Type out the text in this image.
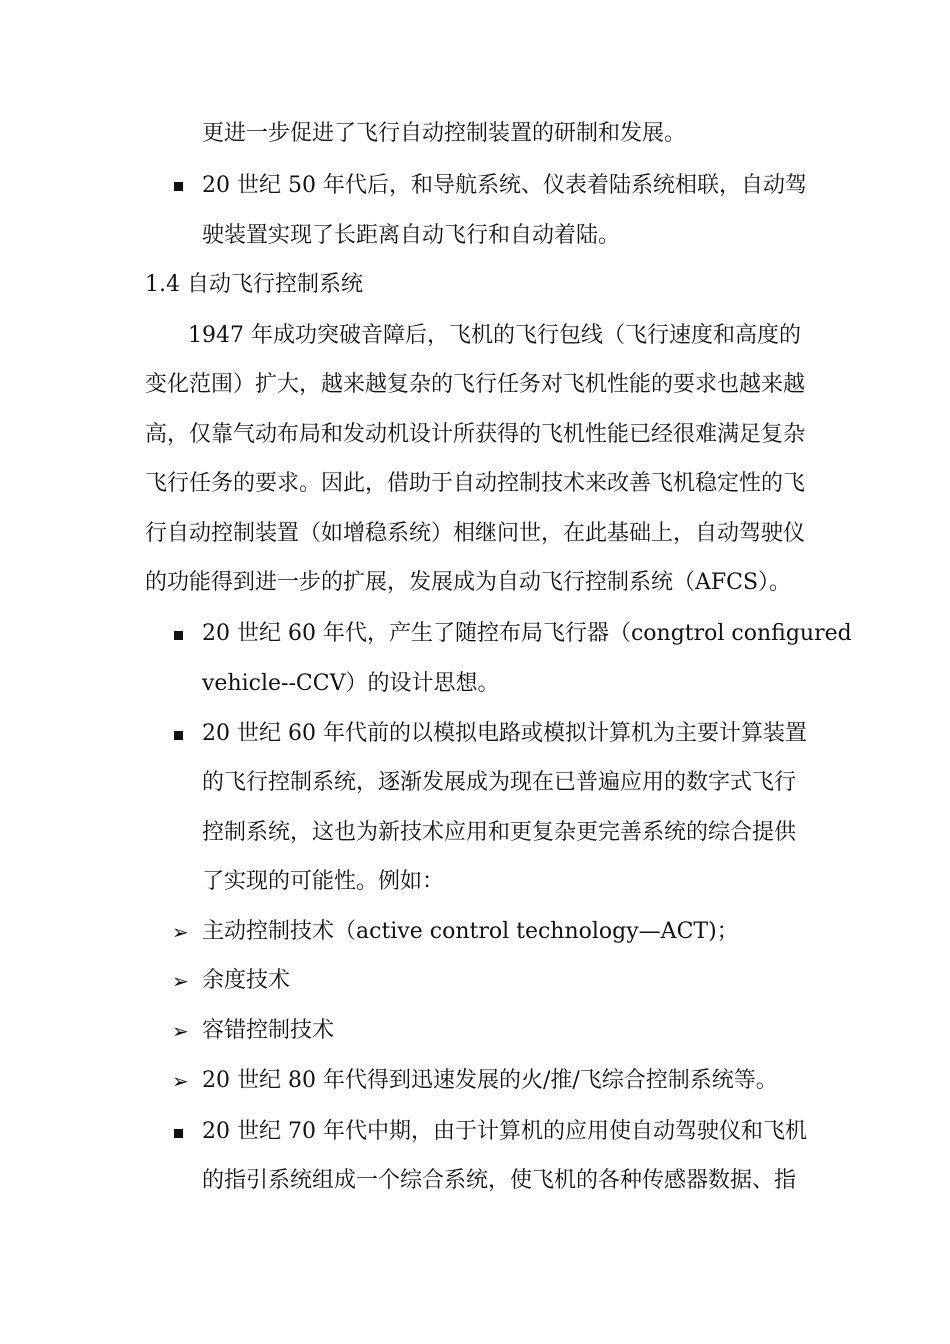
更进一步促进了飞行自动控制装置的研制和发展。
20 世纪 50 年代后，和导航系统、仪表着陆系统相联，自动驾
驶装置实现了长距离自动飞行和自动着陆。
1.4 自动飞行控制系统
1947 年成功突破音障后，飞机的飞行包线（飞行速度和高度的
变化范围）扩大，越来越复杂的飞行任务对飞机性能的要求也越来越
高，仅靠气动布局和发动机设计所获得的飞机性能已经很难满足复杂
飞行任务的要求。因此，借助于自动控制技术来改善飞机稳定性的飞
行自动控制装置（如增稳系统）相继问世，在此基础上，自动驾驶仪
的功能得到进一步的扩展，发展成为自动飞行控制系统（AFCS）。
20 世纪 60 年代，产生了随控布局飞行器（congtrol configured
vehicle--CCV）的设计思想。
20 世纪 60 年代前的以模拟电路或模拟计算机为主要计算装置
的飞行控制系统，逐渐发展成为现在已普遍应用的数字式飞行
控制系统，这也为新技术应用和更复杂更完善系统的综合提供
了实现的可能性。例如：
➢ 主动控制技术（active control technology—ACT)；
➢ 余度技术
➢ 容错控制技术
➢ 20 世纪 80 年代得到迅速发展的火/推/飞综合控制系统等。
20 世纪 70 年代中期，由于计算机的应用使自动驾驶仪和飞机
的指引系统组成一个综合系统，使飞机的各种传感器数据、指
